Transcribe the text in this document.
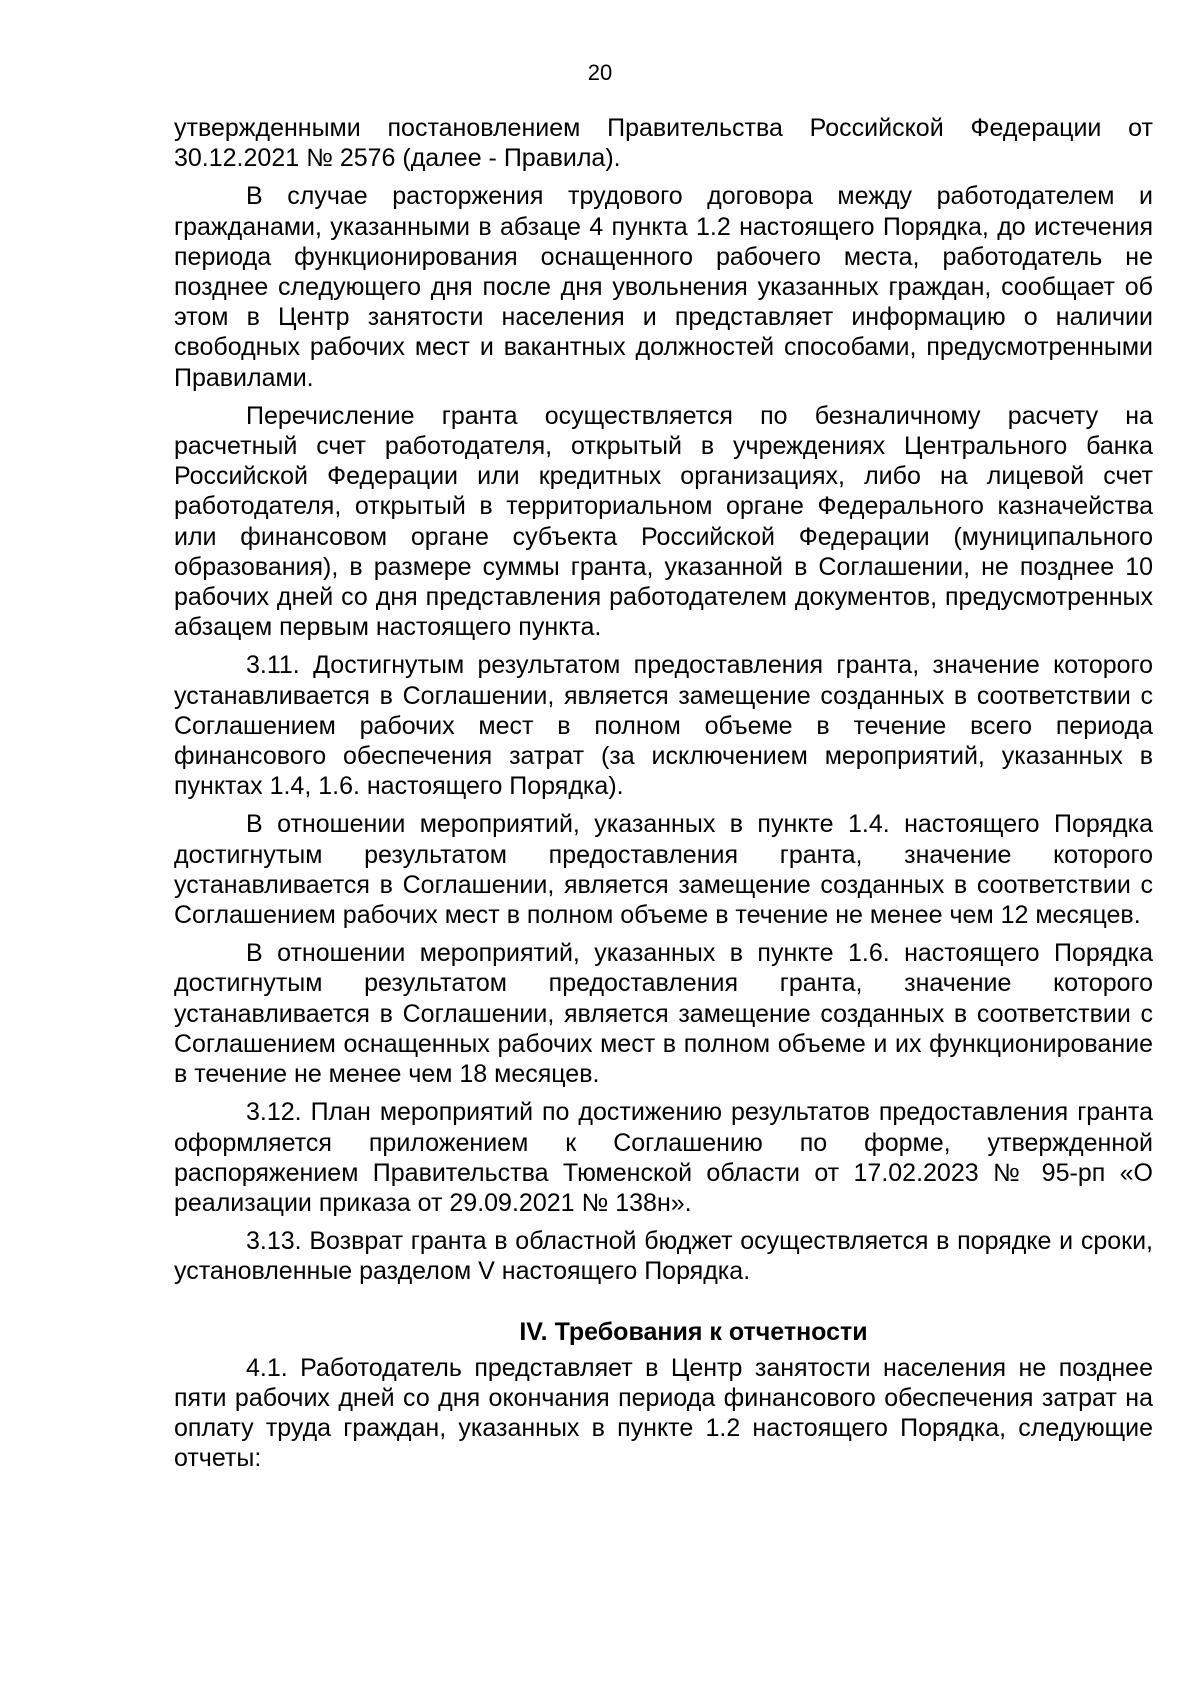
20

утвержденными постановлением Правительства Российской Федерации от 30.12.2021 № 2576 (далее - Правила).

В случае расторжения трудового договора между работодателем и гражданами, указанными в абзаце 4 пункта 1.2 настоящего Порядка, до истечения периода функционирования оснащенного рабочего места, работодатель не позднее следующего дня после дня увольнения указанных граждан, сообщает об этом в Центр занятости населения и представляет информацию о наличии свободных рабочих мест и вакантных должностей способами, предусмотренными Правилами.

Перечисление гранта осуществляется по безналичному расчету на расчетный счет работодателя, открытый в учреждениях Центрального банка Российской Федерации или кредитных организациях, либо на лицевой счет работодателя, открытый в территориальном органе Федерального казначейства или финансовом органе субъекта Российской Федерации (муниципального образования), в размере суммы гранта, указанной в Соглашении, не позднее 10 рабочих дней со дня представления работодателем документов, предусмотренных абзацем первым настоящего пункта.

3.11. Достигнутым результатом предоставления гранта, значение которого устанавливается в Соглашении, является замещение созданных в соответствии с Соглашением рабочих мест в полном объеме в течение всего периода финансового обеспечения затрат (за исключением мероприятий, указанных в пунктах 1.4, 1.6. настоящего Порядка).

В отношении мероприятий, указанных в пункте 1.4. настоящего Порядка достигнутым результатом предоставления гранта, значение которого устанавливается в Соглашении, является замещение созданных в соответствии с Соглашением рабочих мест в полном объеме в течение не менее чем 12 месяцев.

В отношении мероприятий, указанных в пункте 1.6. настоящего Порядка достигнутым результатом предоставления гранта, значение которого устанавливается в Соглашении, является замещение созданных в соответствии с Соглашением оснащенных рабочих мест в полном объеме и их функционирование в течение не менее чем 18 месяцев.

3.12. План мероприятий по достижению результатов предоставления гранта оформляется приложением к Соглашению по форме, утвержденной распоряжением Правительства Тюменской области от 17.02.2023 № 95-рп «О реализации приказа от 29.09.2021 № 138н».

3.13. Возврат гранта в областной бюджет осуществляется в порядке и сроки, установленные разделом V настоящего Порядка.

IV. Требования к отчетности

4.1. Работодатель представляет в Центр занятости населения не позднее пяти рабочих дней со дня окончания периода финансового обеспечения затрат на оплату труда граждан, указанных в пункте 1.2 настоящего Порядка, следующие отчеты:
